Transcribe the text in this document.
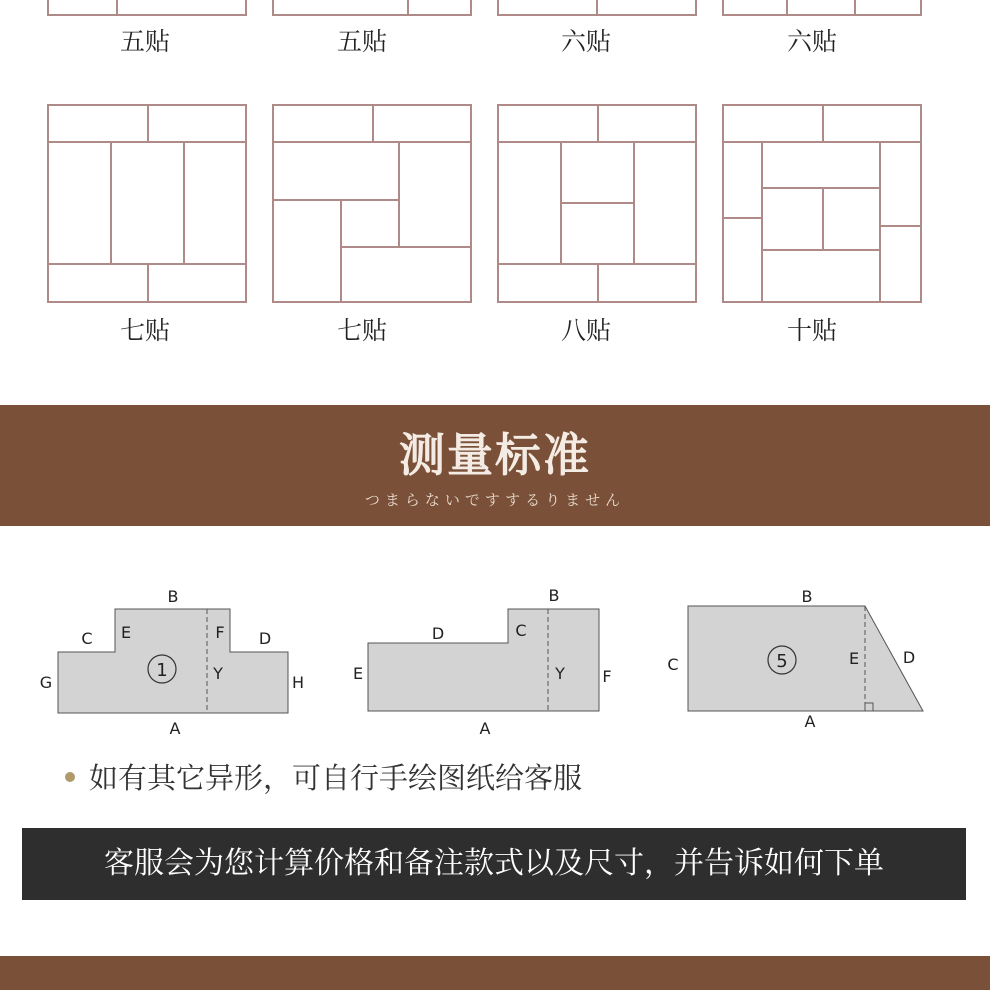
五贴	五贴	六贴	六贴
七贴	七贴	八贴	十贴
测量标准
つまらないですするりません
1
B
C E	F D
G	Y	H
A
B
C
D
E	Y F
A
5
B
C	E	D
A
如有其它异形，可自行手绘图纸给客服
客服会为您计算价格和备注款式以及尺寸，并告诉如何下单
